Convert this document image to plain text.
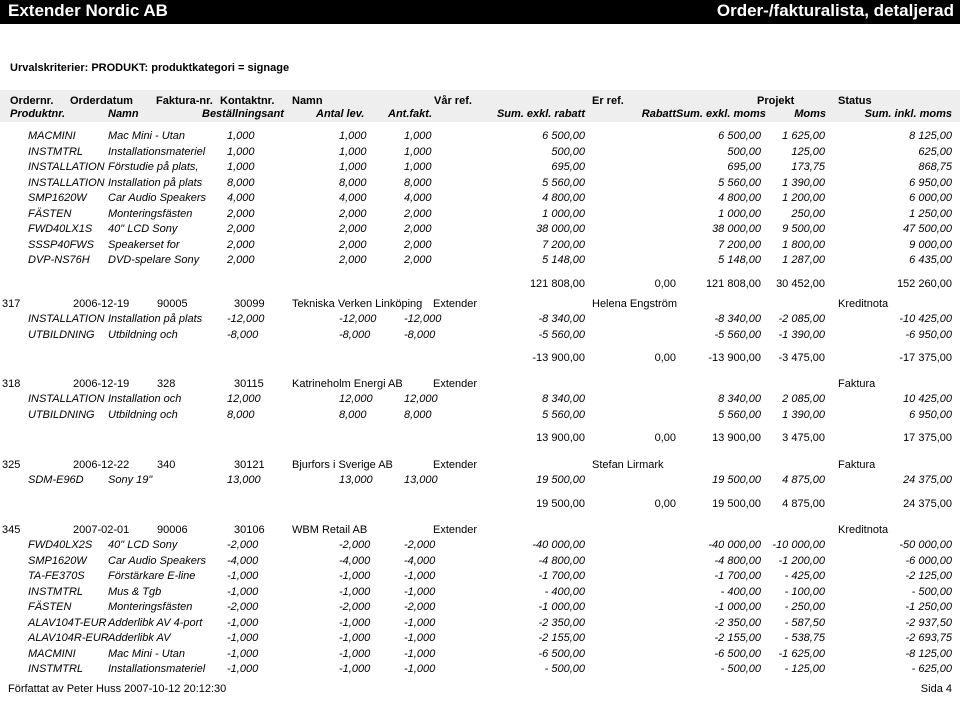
Extender Nordic AB	Order-/fakturalista, detaljerad
Urvalskriterier: PRODUKT: produktkategori = signage
Ordernr. Orderdatum Faktura-nr. Kontaktnr. Namn	Vår ref.	Er ref.	Projekt	Status
Produktnr.	Namn	Beställningsant	Antal lev. Ant.fakt.	Sum. exkl. rabatt	Rabatt Sum. exkl. moms	Moms	Sum. inkl. moms
MACMINI	Mac Mini - Utan	1,000	1,000	1,000	6 500,00	6 500,00	1 625,00	8 125,00
INSTMTRL Installationsmateriel 1,000	1,000	1,000	500,00	500,00	125,00	625,00
INSTALLATION Förstudie på plats,	1,000	1,000	1,000	695,00	695,00	173,75	868,75
INSTALLATION Installation på plats 8,000	8,000	8,000	5 560,00	5 560,00	1 390,00	6 950,00
SMP1620W Car Audio Speakers 4,000	4,000	4,000	4 800,00	4 800,00	1 200,00	6 000,00
FÄSTEN	Monteringsfästen	2,000	2,000	2,000	1 000,00	1 000,00	250,00	1 250,00
FWD40LX1S 40" LCD Sony	2,000	2,000	2,000	38 000,00	38 000,00	9 500,00	47 500,00
SSSP40FWS Speakerset for	2,000	2,000	2,000	7 200,00	7 200,00	1 800,00	9 000,00
DVP-NS76H DVD-spelare Sony	2,000	2,000	2,000	5 148,00	5 148,00	1 287,00	6 435,00
121 808,00	0,00	121 808,00	30 452,00	152 260,00
317	2006-12-19	90005	30099 Tekniska Verken Linköping Extender	Helena Engström	Kreditnota
INSTALLATION Installation på plats -12,000	-12,000	-12,000	-8 340,00	-8 340,00	-2 085,00	-10 425,00
UTBILDNING Utbildning och	-8,000	-8,000	-8,000	-5 560,00	-5 560,00	-1 390,00	-6 950,00
-13 900,00	0,00	-13 900,00	-3 475,00	-17 375,00
318	2006-12-19	328	30115	Katrineholm Energi AB	Extender	Faktura
INSTALLATION Installation och	12,000	12,000	12,000	8 340,00	8 340,00	2 085,00	10 425,00
UTBILDNING Utbildning och	8,000	8,000	8,000	5 560,00	5 560,00	1 390,00	6 950,00
13 900,00	0,00	13 900,00	3 475,00	17 375,00
325	2006-12-22	340	30121 Bjurfors i Sverige AB	Extender	Stefan Lirmark	Faktura
SDM-E96D Sony 19"	13,000	13,000	13,000	19 500,00	19 500,00	4 875,00	24 375,00
19 500,00	0,00	19 500,00	4 875,00	24 375,00
345	2007-02-01	90006	30106 WBM Retail AB	Extender	Kreditnota
FWD40LX2S 40" LCD Sony	-2,000	-2,000	-2,000	-40 000,00	-40 000,00	-10 000,00	-50 000,00
SMP1620W Car Audio Speakers -4,000	-4,000	-4,000	-4 800,00	-4 800,00	-1 200,00	-6 000,00
TA-FE370S Förstärkare E-line	-1,000	-1,000	-1,000	-1 700,00	-1 700,00	- 425,00	-2 125,00
INSTMTRL Mus & Tgb	-1,000	-1,000	-1,000	- 400,00	- 400,00	- 100,00	- 500,00
FÄSTEN	Monteringsfästen	-2,000	-2,000	-2,000	-1 000,00	-1 000,00	- 250,00	-1 250,00
ALAV104T-EUR Adderlibk AV 4-port -1,000	-1,000	-1,000	-2 350,00	-2 350,00	- 587,50	-2 937,50
ALAV104R-EUR Adderlibk AV	-1,000	-1,000	-1,000	-2 155,00	-2 155,00	- 538,75	-2 693,75
MACMINI	Mac Mini - Utan	-1,000	-1,000	-1,000	-6 500,00	-6 500,00	-1 625,00	-8 125,00
INSTMTRL Installationsmateriel -1,000	-1,000	-1,000	- 500,00	- 500,00	- 125,00	- 625,00
Författat av Peter Huss 2007-10-12 20:12:30	Sida 4
